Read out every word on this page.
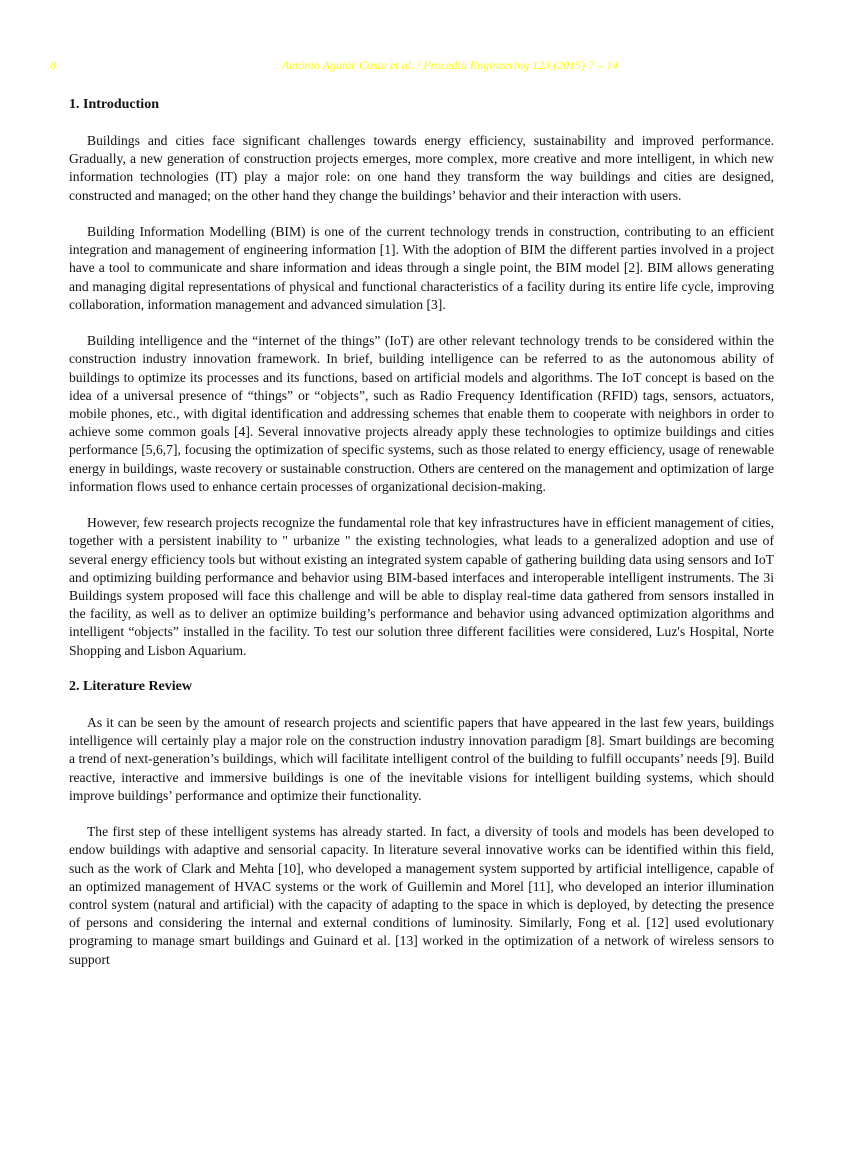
8	António Aguiar Costa et al. / Procedia Engineering 123 (2015) 7 – 14
1. Introduction

Buildings and cities face significant challenges towards energy efficiency, sustainability and improved performance. Gradually, a new generation of construction projects emerges, more complex, more creative and more intelligent, in which new information technologies (IT) play a major role: on one hand they transform the way buildings and cities are designed, constructed and managed; on the other hand they change the buildings’ behavior and their interaction with users.

Building Information Modelling (BIM) is one of the current technology trends in construction, contributing to an efficient integration and management of engineering information [1]. With the adoption of BIM the different parties involved in a project have a tool to communicate and share information and ideas through a single point, the BIM model [2]. BIM allows generating and managing digital representations of physical and functional characteristics of a facility during its entire life cycle, improving collaboration, information management and advanced simulation [3].

Building intelligence and the “internet of the things” (IoT) are other relevant technology trends to be considered within the construction industry innovation framework. In brief, building intelligence can be referred to as the autonomous ability of buildings to optimize its processes and its functions, based on artificial models and algorithms. The IoT concept is based on the idea of a universal presence of “things” or “objects”, such as Radio Frequency Identification (RFID) tags, sensors, actuators, mobile phones, etc., with digital identification and addressing schemes that enable them to cooperate with neighbors in order to achieve some common goals [4]. Several innovative projects already apply these technologies to optimize buildings and cities performance [5,6,7], focusing the optimization of specific systems, such as those related to energy efficiency, usage of renewable energy in buildings, waste recovery or sustainable construction. Others are centered on the management and optimization of large information flows used to enhance certain processes of organizational decision-making.

However, few research projects recognize the fundamental role that key infrastructures have in efficient management of cities, together with a persistent inability to " urbanize " the existing technologies, what leads to a generalized adoption and use of several energy efficiency tools but without existing an integrated system capable of gathering building data using sensors and IoT and optimizing building performance and behavior using BIM-based interfaces and interoperable intelligent instruments. The 3i Buildings system proposed will face this challenge and will be able to display real-time data gathered from sensors installed in the facility, as well as to deliver an optimize building’s performance and behavior using advanced optimization algorithms and intelligent “objects” installed in the facility. To test our solution three different facilities were considered, Luz's Hospital, Norte Shopping and Lisbon Aquarium.

2. Literature Review

As it can be seen by the amount of research projects and scientific papers that have appeared in the last few years, buildings intelligence will certainly play a major role on the construction industry innovation paradigm [8]. Smart buildings are becoming a trend of next-generation’s buildings, which will facilitate intelligent control of the building to fulfill occupants’ needs [9]. Build reactive, interactive and immersive buildings is one of the inevitable visions for intelligent building systems, which should improve buildings’ performance and optimize their functionality.

The first step of these intelligent systems has already started. In fact, a diversity of tools and models has been developed to endow buildings with adaptive and sensorial capacity. In literature several innovative works can be identified within this field, such as the work of Clark and Mehta [10], who developed a management system supported by artificial intelligence, capable of an optimized management of HVAC systems or the work of Guillemin and Morel [11], who developed an interior illumination control system (natural and artificial) with the capacity of adapting to the space in which is deployed, by detecting the presence of persons and considering the internal and external conditions of luminosity. Similarly, Fong et al. [12] used evolutionary programing to manage smart buildings and Guinard et al. [13] worked in the optimization of a network of wireless sensors to support
